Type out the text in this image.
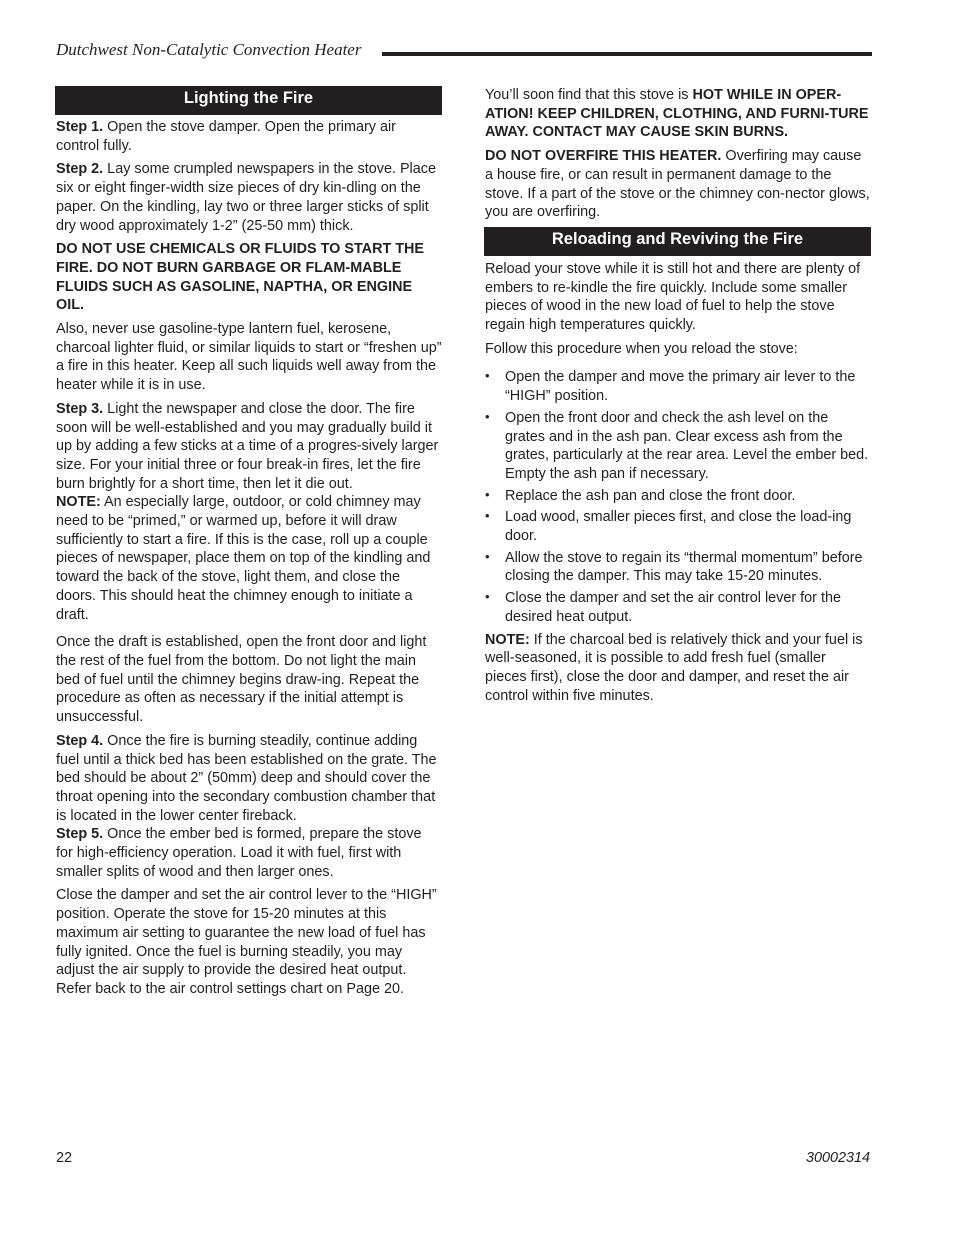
Dutchwest Non-Catalytic Convection Heater
Lighting the Fire

Step 1. Open the stove damper. Open the primary air control fully.

Step 2. Lay some crumpled newspapers in the stove. Place six or eight finger-width size pieces of dry kin-dling on the paper. On the kindling, lay two or three larger sticks of split dry wood approximately 1-2” (25-50 mm) thick.

DO NOT USE CHEMICALS OR FLUIDS TO START THE FIRE. DO NOT BURN GARBAGE OR FLAM-MABLE FLUIDS SUCH AS GASOLINE, NAPTHA, OR ENGINE OIL.

Also, never use gasoline-type lantern fuel, kerosene, charcoal lighter fluid, or similar liquids to start or “freshen up” a fire in this heater. Keep all such liquids well away from the heater while it is in use.

Step 3. Light the newspaper and close the door. The fire soon will be well-established and you may gradually build it up by adding a few sticks at a time of a progres-sively larger size. For your initial three or four break-in fires, let the fire burn brightly for a short time, then let it die out.

NOTE: An especially large, outdoor, or cold chimney may need to be “primed,” or warmed up, before it will draw sufficiently to start a fire. If this is the case, roll up a couple pieces of newspaper, place them on top of the kindling and toward the back of the stove, light them, and close the doors. This should heat the chimney enough to initiate a draft.

Once the draft is established, open the front door and light the rest of the fuel from the bottom. Do not light the main bed of fuel until the chimney begins draw-ing. Repeat the procedure as often as necessary if the initial attempt is unsuccessful.

Step 4. Once the fire is burning steadily, continue adding fuel until a thick bed has been established on the grate. The bed should be about 2” (50mm) deep and should cover the throat opening into the secondary combustion chamber that is located in the lower center fireback.

Step 5. Once the ember bed is formed, prepare the stove for high-efficiency operation. Load it with fuel, first with smaller splits of wood and then larger ones.

Close the damper and set the air control lever to the “HIGH” position. Operate the stove for 15-20 minutes at this maximum air setting to guarantee the new load of fuel has fully ignited. Once the fuel is burning steadily, you may adjust the air supply to provide the desired heat output. Refer back to the air control settings chart on Page 20.

You’ll soon find that this stove is HOT WHILE IN OPER-ATION! KEEP CHILDREN, CLOTHING, AND FURNI-TURE AWAY. CONTACT MAY CAUSE SKIN BURNS.

DO NOT OVERFIRE THIS HEATER. Overfiring may cause a house fire, or can result in permanent damage to the stove. If a part of the stove or the chimney con-nector glows, you are overfiring.

Reloading and Reviving the Fire

Reload your stove while it is still hot and there are plenty of embers to re-kindle the fire quickly. Include some smaller pieces of wood in the new load of fuel to help the stove regain high temperatures quickly.

Follow this procedure when you reload the stove:

• Open the damper and move the primary air lever to the “HIGH” position.
• Open the front door and check the ash level on the grates and in the ash pan. Clear excess ash from the grates, particularly at the rear area. Level the ember bed. Empty the ash pan if necessary.
• Replace the ash pan and close the front door.
• Load wood, smaller pieces first, and close the load-ing door.
• Allow the stove to regain its “thermal momentum” before closing the damper. This may take 15-20 minutes.
• Close the damper and set the air control lever for the desired heat output.

NOTE: If the charcoal bed is relatively thick and your fuel is well-seasoned, it is possible to add fresh fuel (smaller pieces first), close the door and damper, and reset the air control within five minutes.

22	30002314
